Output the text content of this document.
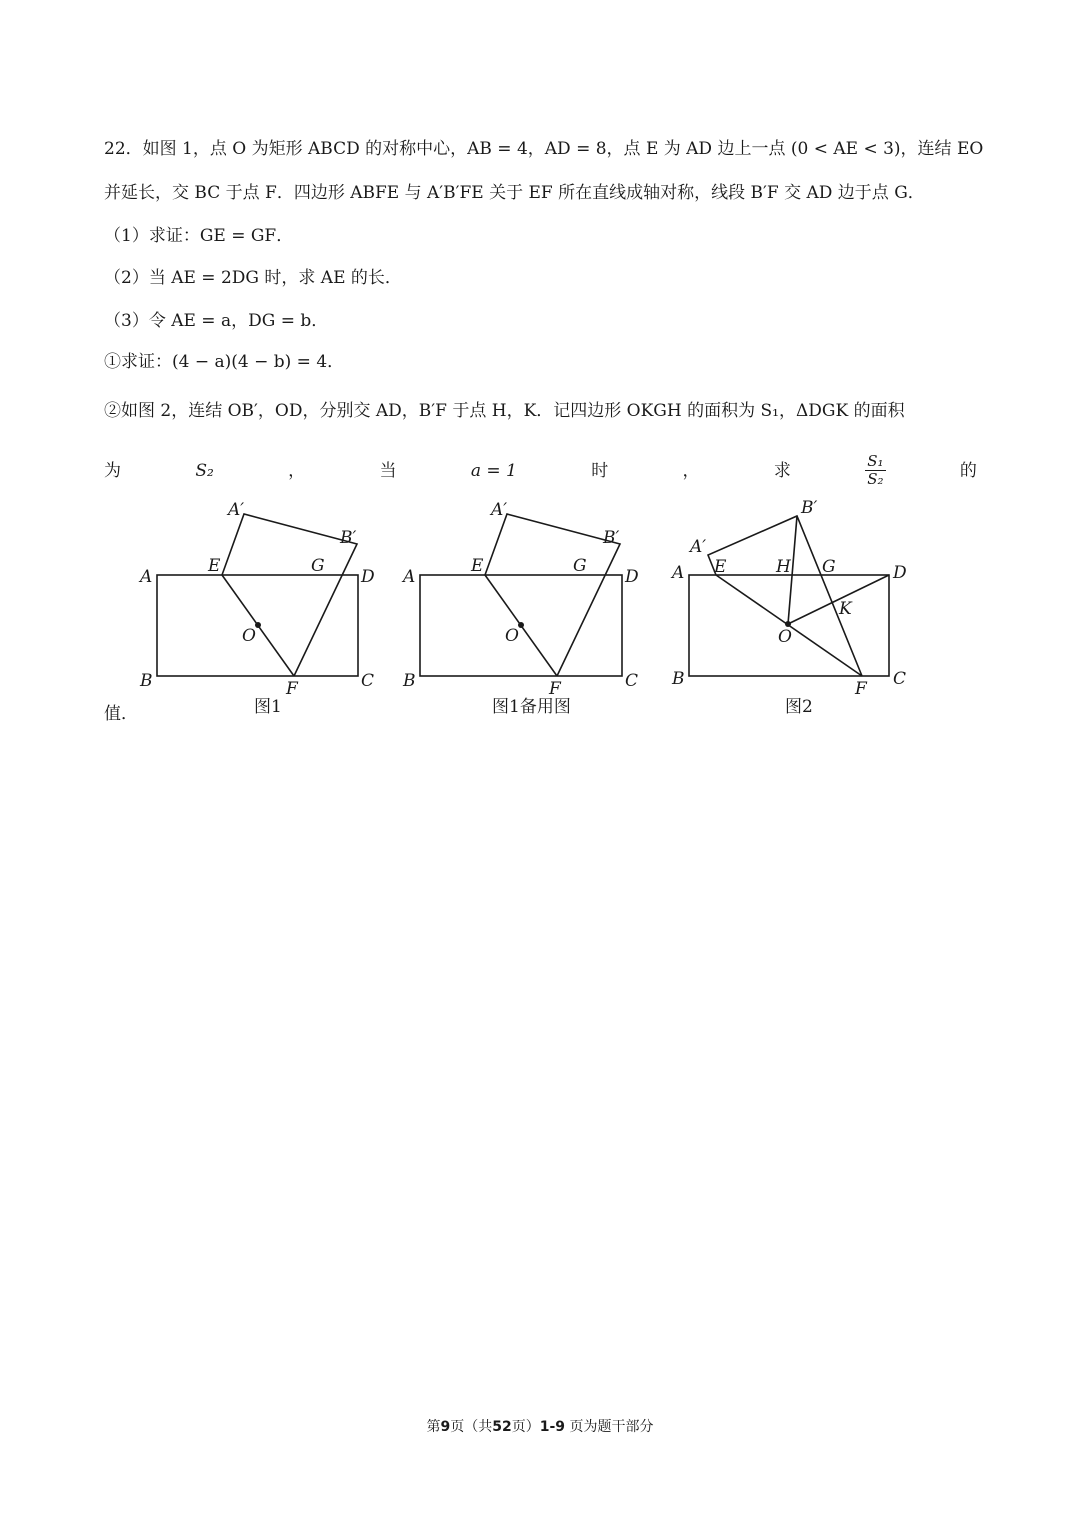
22．如图 1，点 O 为矩形 ABCD 的对称中心，AB = 4，AD = 8，点 E 为 AD 边上一点 (0 < AE < 3)，连结 EO
并延长，交 BC 于点 F．四边形 ABFE 与 A′B′FE 关于 EF 所在直线成轴对称，线段 B′F 交 AD 边于点 G．
（1）求证：GE = GF．
（2）当 AE = 2DG 时，求 AE 的长．
（3）令 AE = a，DG = b．
①求证：(4 − a)(4 − b) = 4．
②如图 2，连结 OB′，OD，分别交 AD，B′F 于点 H，K．记四边形 OKGH 的面积为 S₁，ΔDGK 的面积
为	S₂	，	当	a = 1	时	，	求	$\frac{\text{S₁}}{\text{S₂}}$	的
值．
A
B	C
D
E
F
G
O
A′
B′
图1
A
B	C
D
E
F
G
O
A′
B′
图1备用图
A
B	C
D
E
F
G
H
K
O
A′
B′
图2
第9页（共52页）1-9 页为题干部分
